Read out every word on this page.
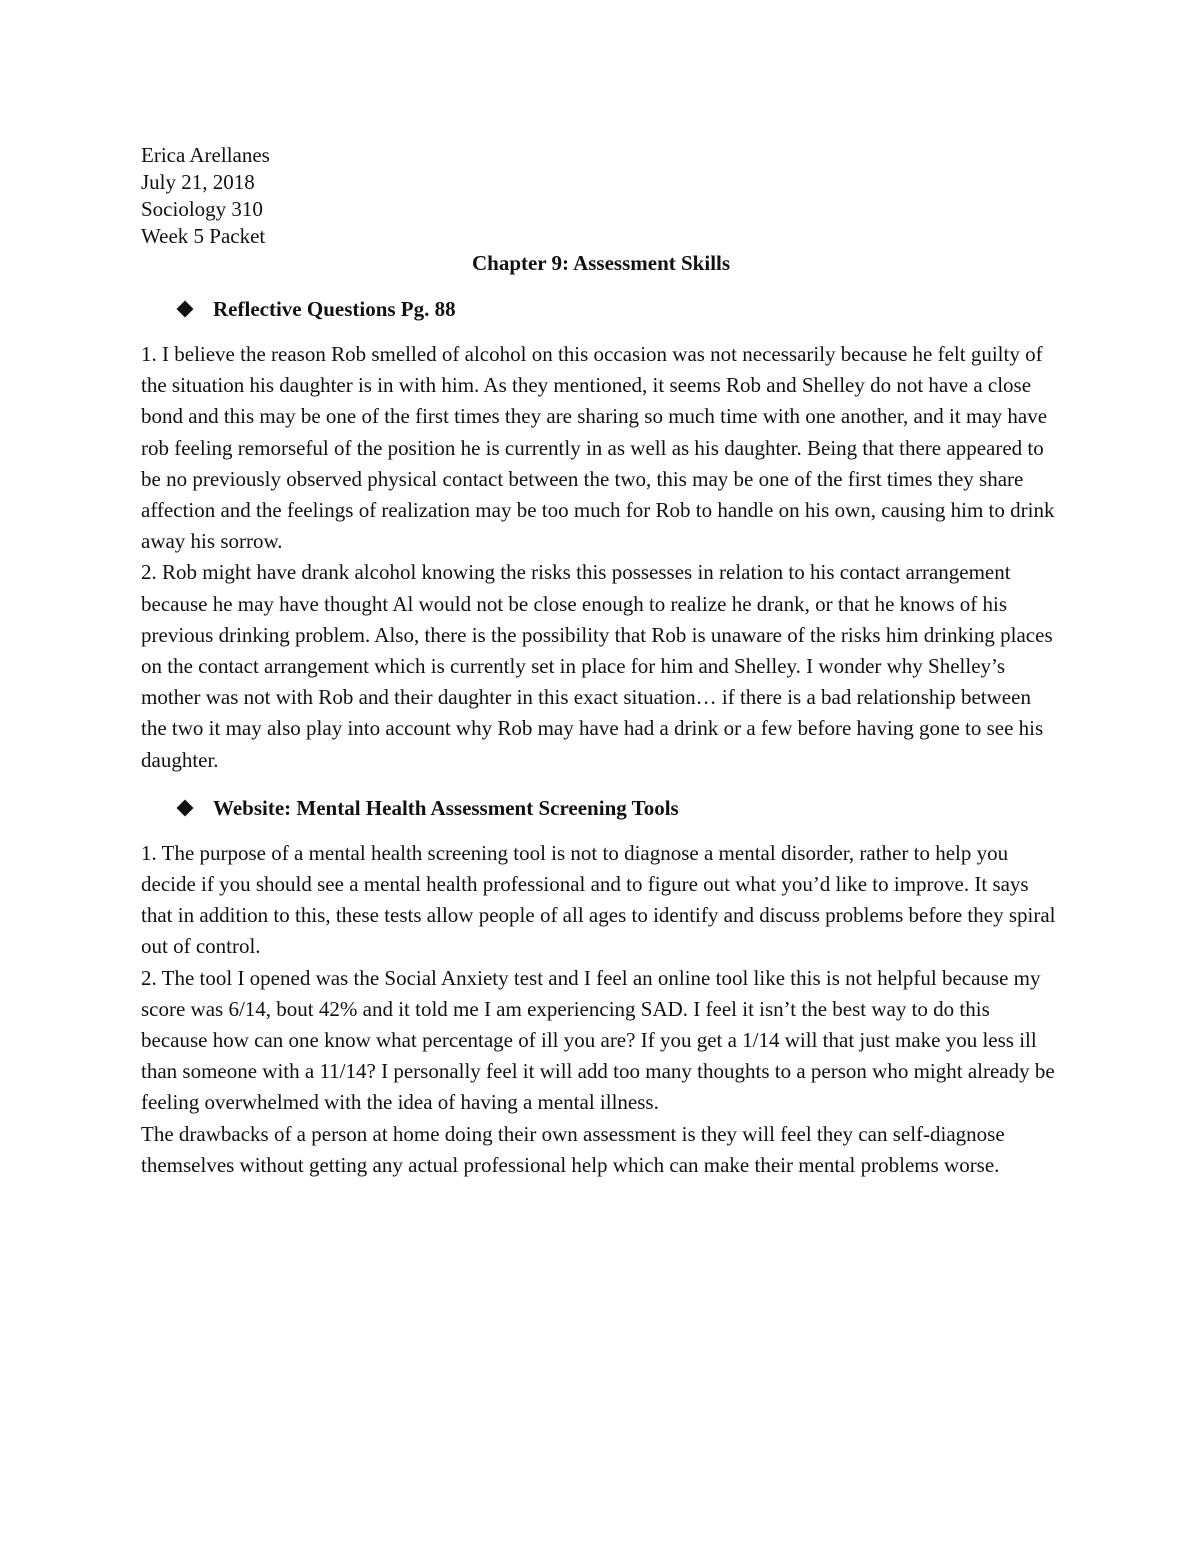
Erica Arellanes
July 21, 2018
Sociology 310
Week 5 Packet
Chapter 9: Assessment Skills
Reflective Questions Pg. 88

1. I believe the reason Rob smelled of alcohol on this occasion was not necessarily because he felt guilty of the situation his daughter is in with him. As they mentioned, it seems Rob and Shelley do not have a close bond and this may be one of the first times they are sharing so much time with one another, and it may have rob feeling remorseful of the position he is currently in as well as his daughter. Being that there appeared to be no previously observed physical contact between the two, this may be one of the first times they share affection and the feelings of realization may be too much for Rob to handle on his own, causing him to drink away his sorrow.

2. Rob might have drank alcohol knowing the risks this possesses in relation to his contact arrangement because he may have thought Al would not be close enough to realize he drank, or that he knows of his previous drinking problem. Also, there is the possibility that Rob is unaware of the risks him drinking places on the contact arrangement which is currently set in place for him and Shelley. I wonder why Shelley’s mother was not with Rob and their daughter in this exact situation… if there is a bad relationship between the two it may also play into account why Rob may have had a drink or a few before having gone to see his daughter.

Website: Mental Health Assessment Screening Tools

1. The purpose of a mental health screening tool is not to diagnose a mental disorder, rather to help you decide if you should see a mental health professional and to figure out what you’d like to improve. It says that in addition to this, these tests allow people of all ages to identify and discuss problems before they spiral out of control.

2. The tool I opened was the Social Anxiety test and I feel an online tool like this is not helpful because my score was 6/14, bout 42% and it told me I am experiencing SAD. I feel it isn’t the best way to do this because how can one know what percentage of ill you are? If you get a 1/14 will that just make you less ill than someone with a 11/14? I personally feel it will add too many thoughts to a person who might already be feeling overwhelmed with the idea of having a mental illness.

The drawbacks of a person at home doing their own assessment is they will feel they can self-diagnose themselves without getting any actual professional help which can make their mental problems worse.
